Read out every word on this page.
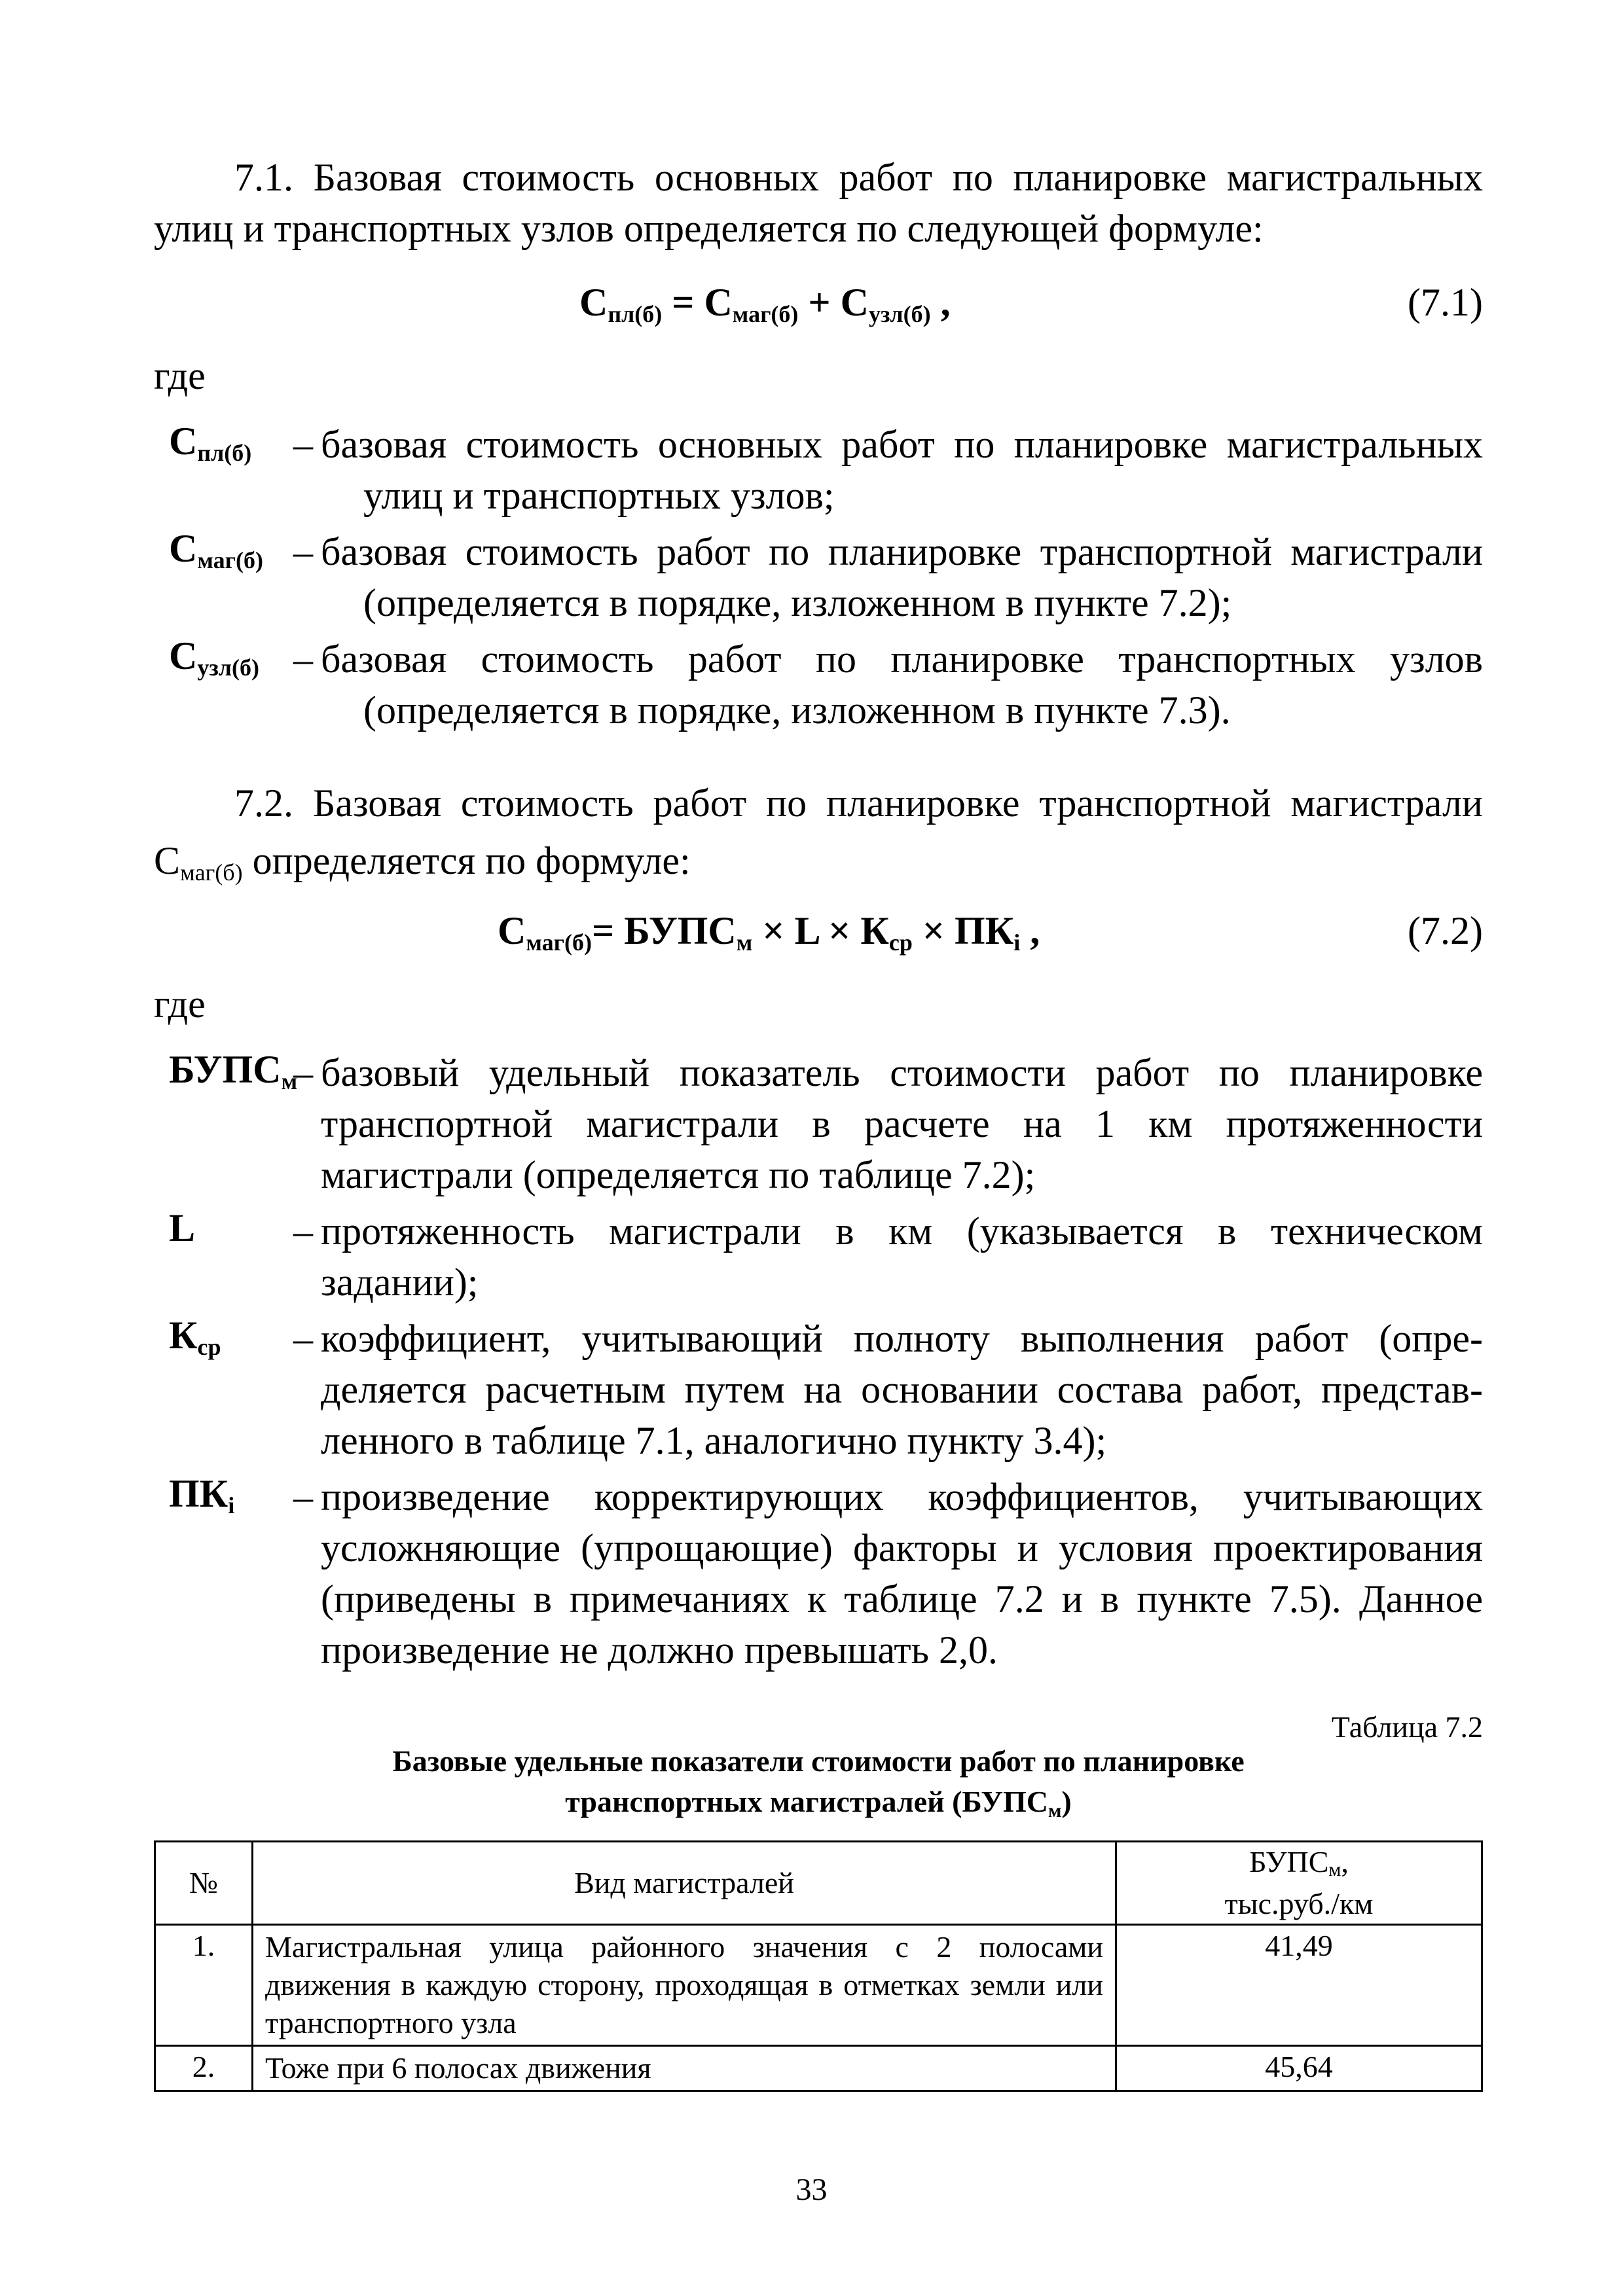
7.1. Базовая стоимость основных работ по планировке магистральных
улиц и транспортных узлов определяется по следующей формуле:
$С_{пл(б)} = С_{маг(б)} + С_{узл(б)}$ ,	(7.1)
где
$С_{пл(б)}$ – базовая стоимость основных работ по планировке магистральных
улиц и транспортных узлов;
$С_{маг(б)}$ – базовая стоимость работ по планировке транспортной магистрали
(определяется в порядке, изложенном в пункте 7.2);
$С_{узл(б)}$ – базовая стоимость работ по планировке транспортных узлов
(определяется в порядке, изложенном в пункте 7.3).
7.2. Базовая стоимость работ по планировке транспортной магистрали
$С_{маг(б)}$ определяется по формуле:
$С_{маг(б)}=$ $БУПС_м \times L \times К_{ср} \times ПК_i$ ,	(7.2)
где
$БУПС_м$
– базовый удельный показатель стоимости работ по планировке
транспортной магистрали в расчете на 1 км протяженности магистрали (определяется по таблице 7.2);
L – протяженность магистрали в км (указывается в техническом
задании);
$К_{ср}$ – коэффициент, учитывающий полноту выполнения работ (опре-
деляется расчетным путем на основании состава работ, представ-ленного в таблице 7.1, аналогично пункту 3.4);
$ПК_i$ – произведение корректирующих коэффициентов, учитывающих
усложняющие (упрощающие) факторы и условия проектирования (приведены в примечаниях к таблице 7.2 и в пункте 7.5). Данное произведение не должно превышать 2,0.
Таблица 7.2
Базовые удельные показатели стоимости работ по планировке
транспортных магистралей $(БУПС_м)$
№	Вид магистралей	$БУПС_м$,
тыс.руб./км

1.	Магистральная улица районного значения с 2 полосами движения в каждую сторону, проходящая в отметках земли или транспортного узла	41,49
2.	Тоже при 6 полосах движения	45,64
33
